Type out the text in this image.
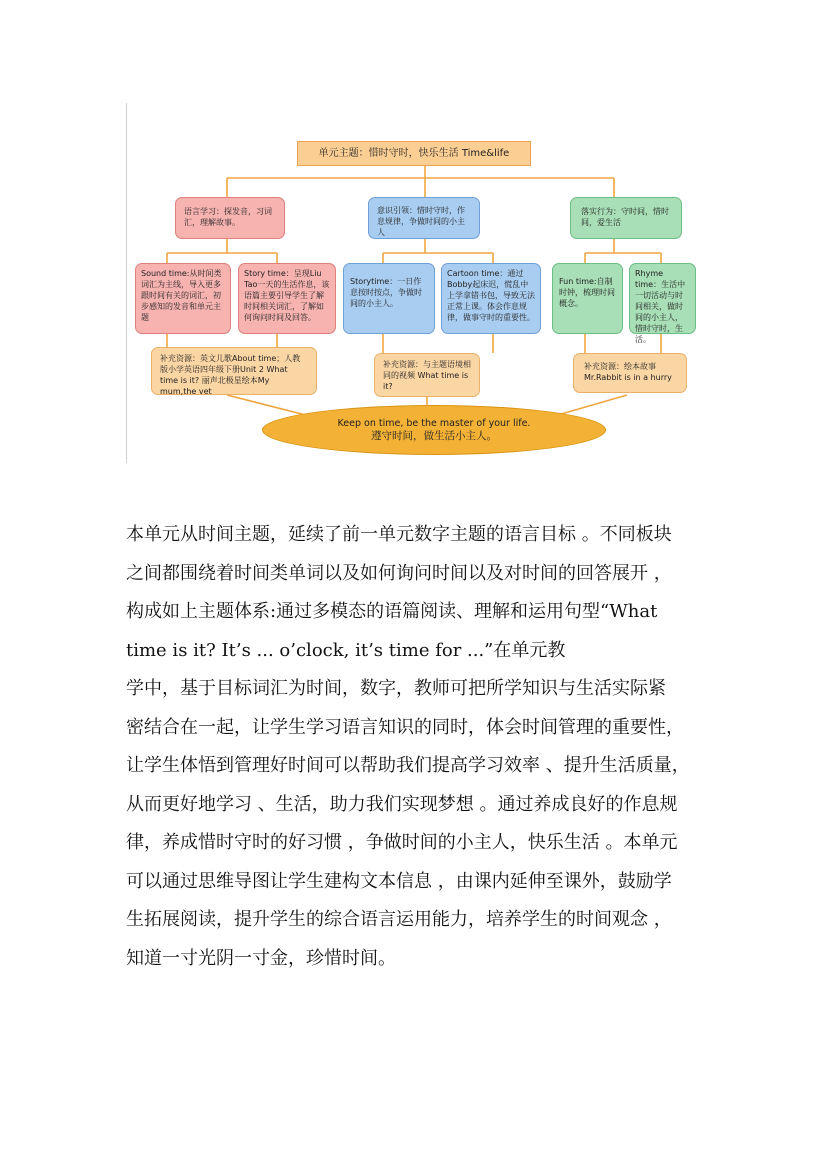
单元主题：惜时守时，快乐生活 Time&life
语言学习：探发音，习词汇，理解故事。
意识引领：惜时守时，作息规律，争做时间的小主人
落实行为：守时间，惜时间，爱生活
Sound time:从时间类词汇为主线，导入更多跟时间有关的词汇，初步感知的发音和单元主题
Story time：呈现Liu Tao一天的生活作息，该语篇主要引导学生了解时间相关词汇，了解如何询问时间及回答。
Storytime：一日作息按时按点，争做时间的小主人。
Cartoon time：通过Bobby起床迟，慌乱中上学拿错书包，导致无法正常上课。体会作息规律，做事守时的重要性。
Fun time:自制时钟，梳理时间概念。
Rhyme time：生活中一切活动与时间相关，做时间的小主人，惜时守时，生活。
补充资源：英文儿歌About time；人教版小学英语四年级下册Unit 2 What time is it? 丽声北极星绘本My mum,the vet
补充资源：与主题语境相同的视频 What time is it?
补充资源：绘本故事 Mr.Rabbit is in a hurry
Keep on time, be the master of your life.
遵守时间，做生活小主人。
本单元从时间主题，延续了前一单元数字主题的语言目标 。不同板块
之间都围绕着时间类单词以及如何询问时间以及对时间的回答展开 ，
构成如上主题体系:通过多模态的语篇阅读、理解和运用句型“What
time is it? It’s ... o’clock, it’s time for ...”在单元教
学中，基于目标词汇为时间，数字，教师可把所学知识与生活实际紧
密结合在一起，让学生学习语言知识的同时，体会时间管理的重要性，
让学生体悟到管理好时间可以帮助我们提高学习效率 、提升生活质量，
从而更好地学习 、生活，助力我们实现梦想 。通过养成良好的作息规
律，养成惜时守时的好习惯 ，争做时间的小主人，快乐生活 。本单元
可以通过思维导图让学生建构文本信息 ，由课内延伸至课外，鼓励学
生拓展阅读，提升学生的综合语言运用能力，培养学生的时间观念 ，
知道一寸光阴一寸金，珍惜时间。
